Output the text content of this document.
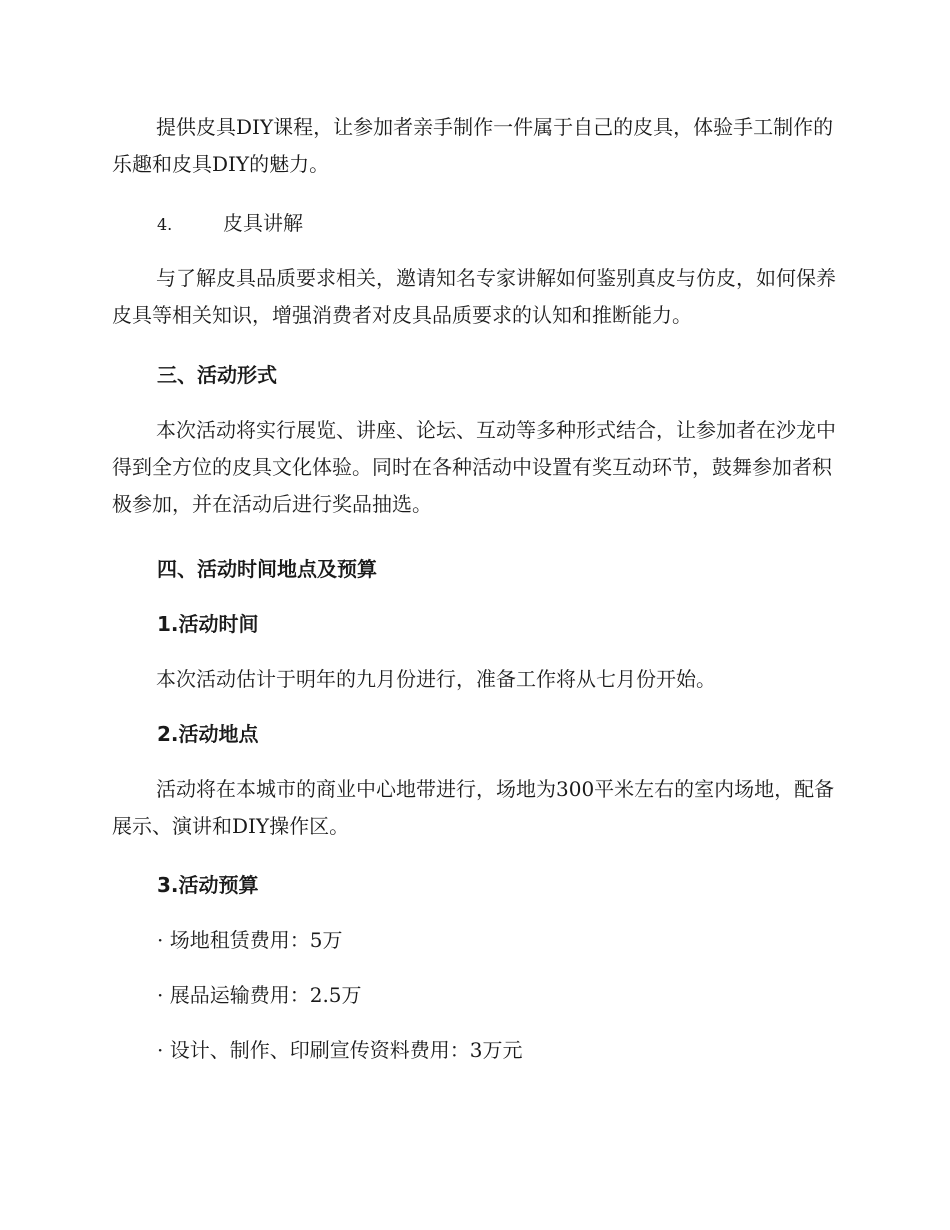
提供皮具DIY课程，让参加者亲手制作一件属于自己的皮具，体验手工制作的乐趣和皮具DIY的魅力。

4.	皮具讲解

与了解皮具品质要求相关，邀请知名专家讲解如何鉴别真皮与仿皮，如何保养皮具等相关知识，增强消费者对皮具品质要求的认知和推断能力。

三、活动形式

本次活动将实行展览、讲座、论坛、互动等多种形式结合，让参加者在沙龙中得到全方位的皮具文化体验。同时在各种活动中设置有奖互动环节，鼓舞参加者积极参加，并在活动后进行奖品抽选。

四、活动时间地点及预算

1.活动时间

本次活动估计于明年的九月份进行，准备工作将从七月份开始。

2.活动地点

活动将在本城市的商业中心地带进行，场地为300平米左右的室内场地，配备展示、演讲和DIY操作区。

3.活动预算

· 场地租赁费用：5万

· 展品运输费用：2.5万

· 设计、制作、印刷宣传资料费用：3万元
